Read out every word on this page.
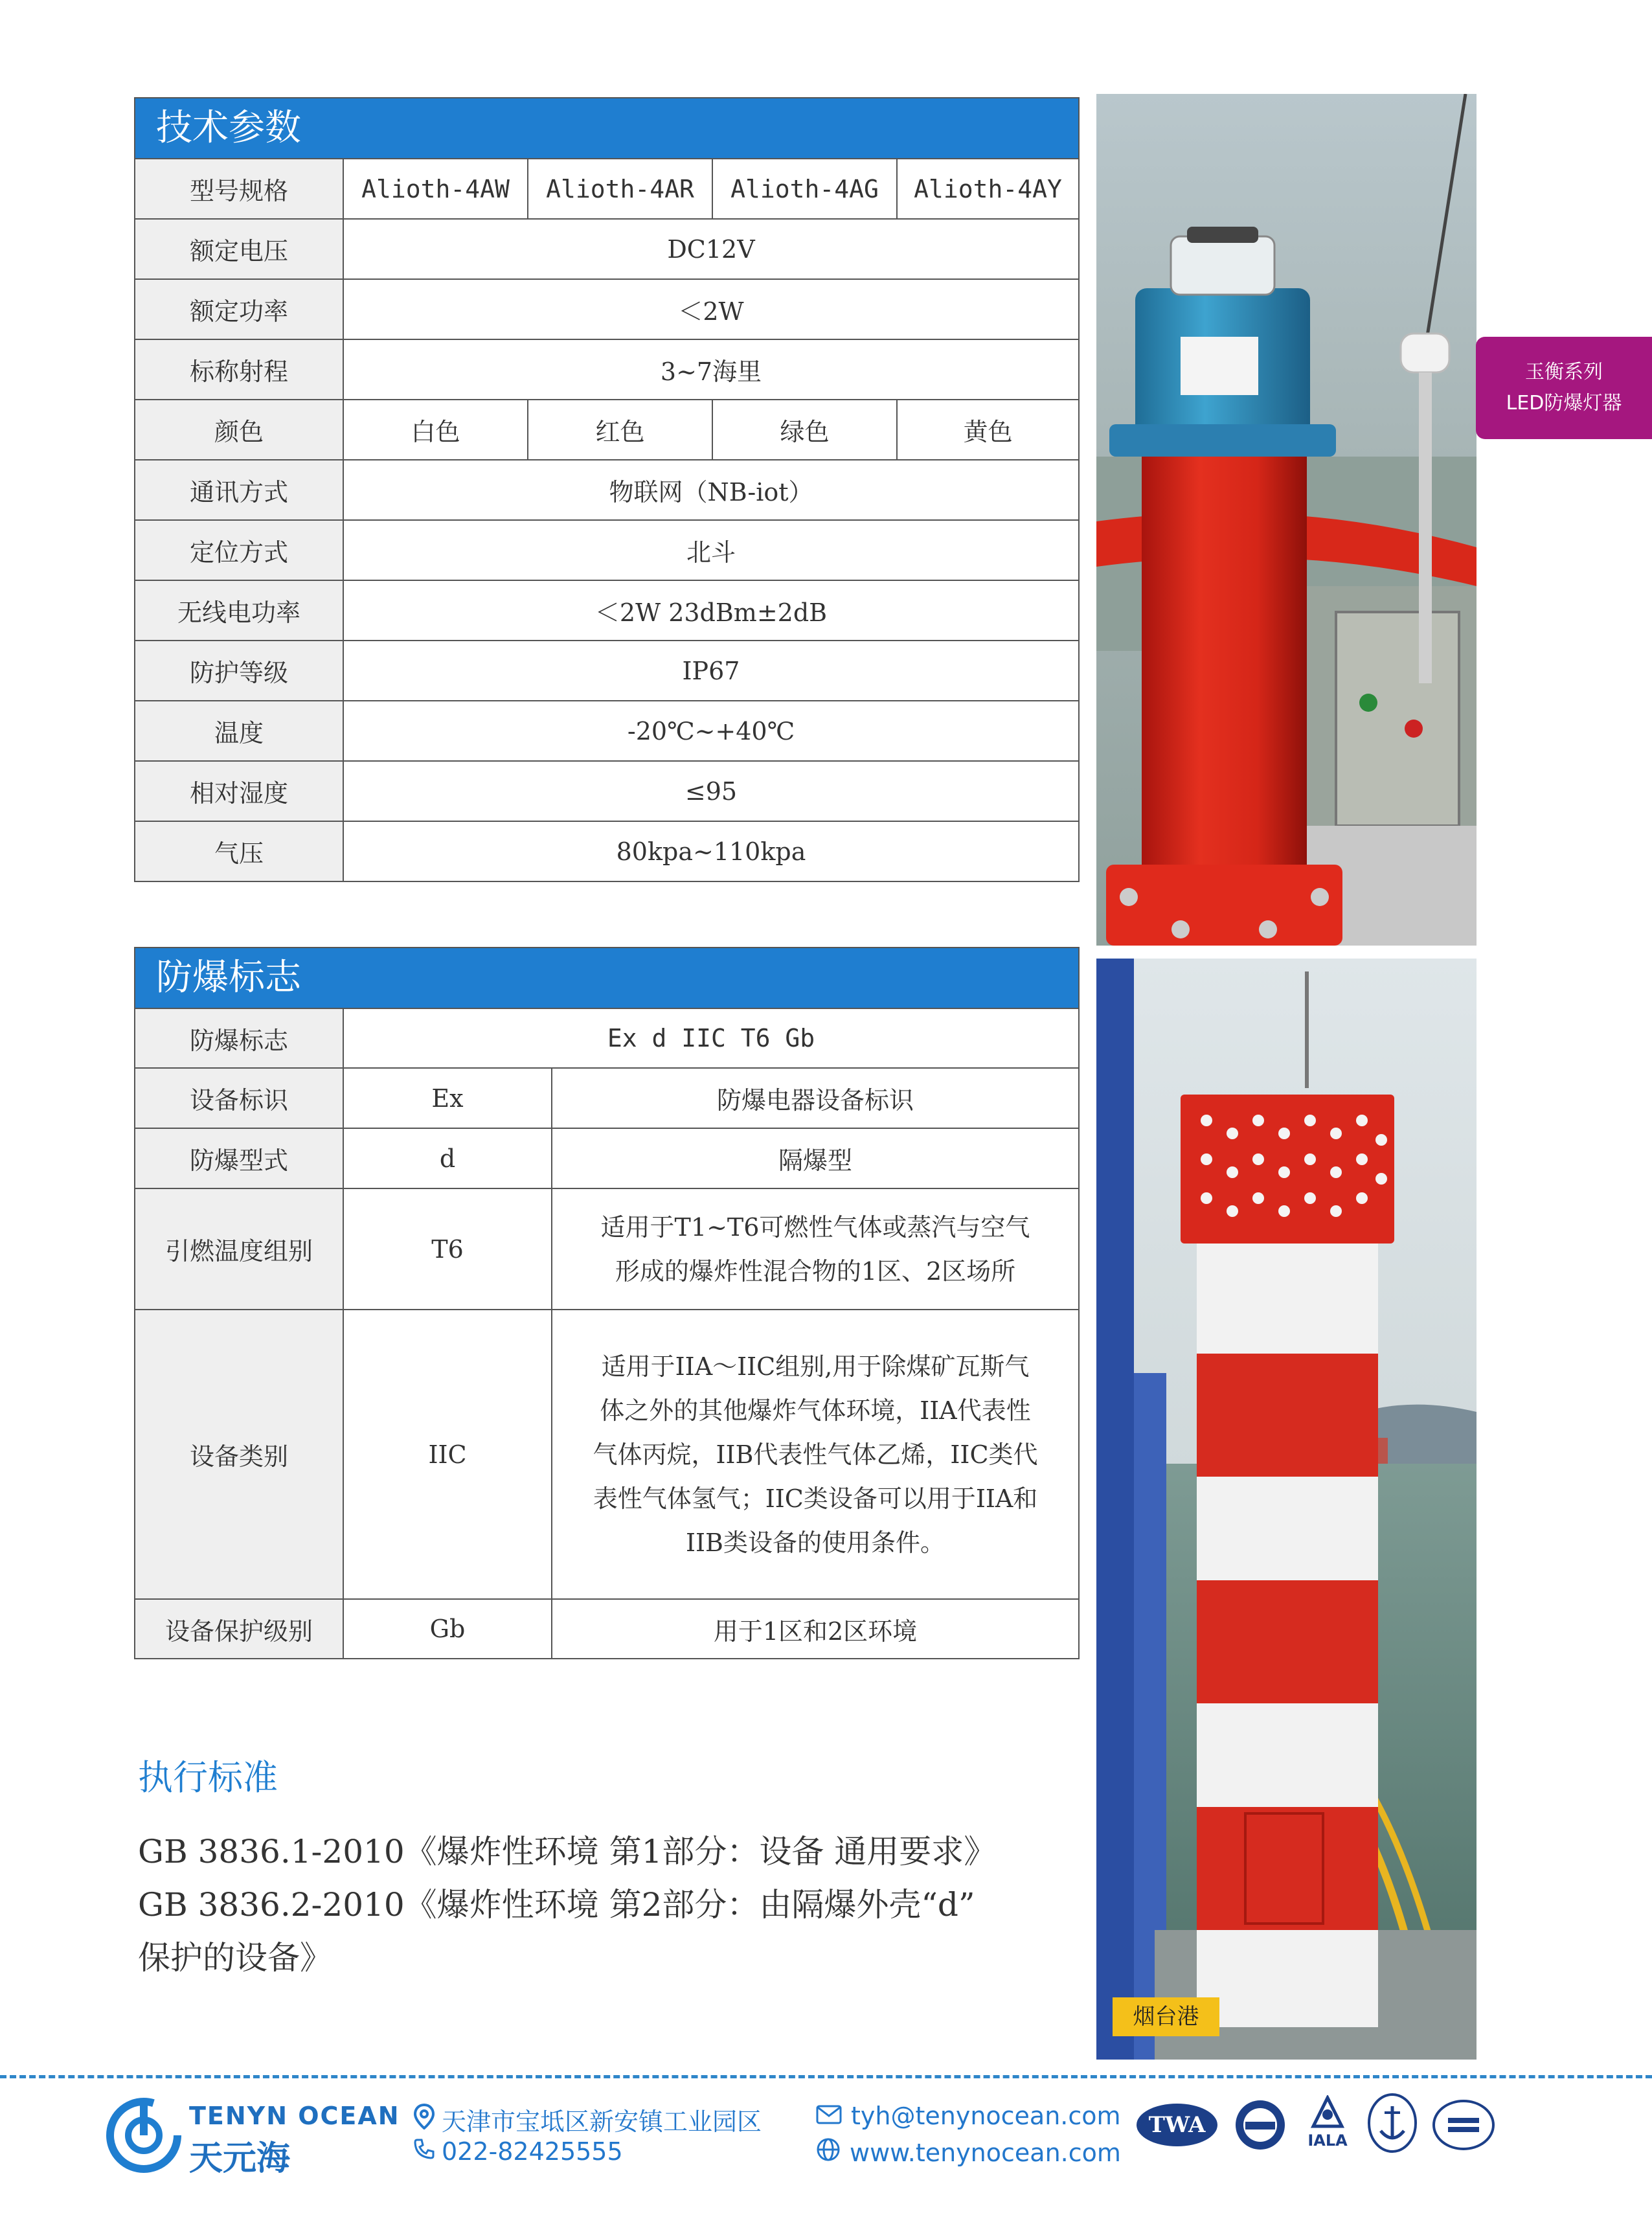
技术参数
型号规格	Alioth-4AW	Alioth-4AR	Alioth-4AG	Alioth-4AY
额定电压	DC12V
额定功率	＜2W
标称射程	3~7海里
颜色	白色	红色	绿色	黄色
通讯方式	物联网（NB-iot）
定位方式	北斗
无线电功率	＜2W 23dBm±2dB
防护等级	IP67
温度	-20℃~+40℃
相对湿度	≤95
气压	80kpa~110kpa
防爆标志
防爆标志	Ex d IIC T6 Gb
设备标识	Ex	防爆电器设备标识
防爆型式	d	隔爆型
引燃温度组别	T6
适用于T1~T6可燃性气体或蒸汽与空气
形成的爆炸性混合物的1区、2区场所
设备类别	IIC
适用于IIA～IIC组别,用于除煤矿瓦斯气
体之外的其他爆炸气体环境，IIA代表性
气体丙烷，IIB代表性气体乙烯，IIC类代
表性气体氢气；IIC类设备可以用于IIA和
IIB类设备的使用条件。
设备保护级别	Gb	用于1区和2区环境
执行标准
GB 3836.1-2010《爆炸性环境 第1部分：设备 通用要求》
GB 3836.2-2010《爆炸性环境 第2部分：由隔爆外壳“d”
保护的设备》
玉衡系列
LED防爆灯器
烟台港
TENYN OCEAN
天元海
天津市宝坻区新安镇工业园区
022-82425555
tyh@tenynocean.com
www.tenynocean.com
TWA
IALA
